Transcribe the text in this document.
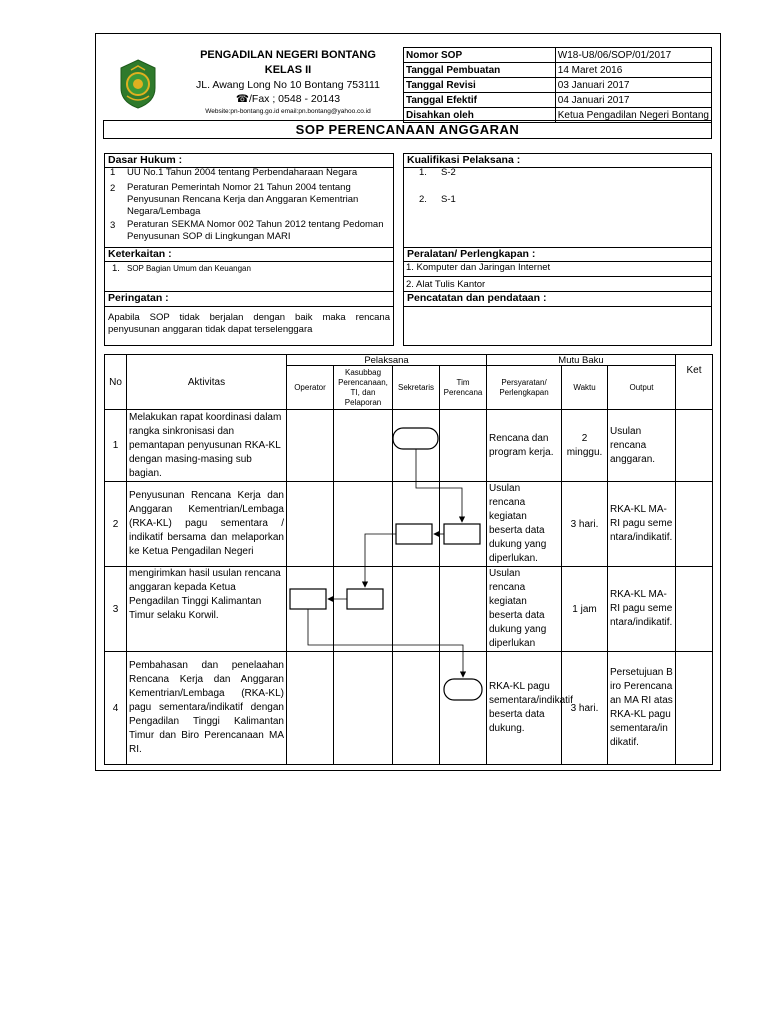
PENGADILAN NEGERI BONTANG
KELAS II
JL. Awang Long No 10 Bontang 753111
☎/Fax ; 0548 - 20143
Website:pn-bontang.go.id email:pn.bontang@yahoo.co.id
Nomor SOP	W18-U8/06/SOP/01/2017
Tanggal Pembuatan	14 Maret 2016
Tanggal Revisi	03 Januari 2017
Tanggal Efektif	04 Januari 2017
Disahkan oleh	Ketua Pengadilan Negeri Bontang
SOP PERENCANAAN ANGGARAN
Dasar Hukum :
1	UU No.1 Tahun 2004 tentang Perbendaharaan Negara
2	Peraturan Pemerintah Nomor 21 Tahun 2004 tentang Penyusunan Rencana Kerja dan Anggaran Kementrian Negara/Lembaga
3	Peraturan SEKMA Nomor 002 Tahun 2012 tentang Pedoman Penyusunan SOP di Lingkungan MARI
Keterkaitan :
1. SOP Bagian Umum dan Keuangan
Peringatan :
Apabila SOP tidak berjalan dengan baik maka rencana penyusunan anggaran tidak dapat terselenggara
Kualifikasi Pelaksana :
1. S-2
2. S-1
Peralatan/ Perlengkapan :
1. Komputer dan Jaringan Internet
2. Alat Tulis Kantor
Pencatatan dan pendataan :
No	Aktivitas	Pelaksana				Mutu Baku			Ket
		Operator	Kasubbag Perencanaan, TI, dan Pelaporan	Sekretaris	Tim Perencana	Persyaratan/ Perlengkapan	Waktu	Output	
1	Melakukan rapat koordinasi dalam rangka sinkronisasi dan pemantapan penyusunan RKA-KL dengan masing-masing sub bagian.					Rencana dan program kerja.	2 minggu.	Usulan rencana anggaran.	
2	Penyusunan Rencana Kerja dan Anggaran Kementrian/Lembaga (RKA-KL) pagu sementara / indikatif bersama dan melaporkan ke Ketua Pengadilan Negeri					Usulan rencana kegiatan beserta data dukung yang diperlukan.	3 hari.	RKA-KL MA-RI pagu sementara/indikatif.	
3	mengirimkan hasil usulan rencana anggaran kepada Ketua Pengadilan Tinggi Kalimantan Timur selaku Korwil.					Usulan rencana kegiatan beserta data dukung yang diperlukan	1 jam	RKA-KL MA-RI pagu sementara/indikatif.	
4	Pembahasan dan penelaahan Rencana Kerja dan Anggaran Kementrian/Lembaga (RKA-KL) pagu sementara/indikatif dengan Pengadilan Tinggi Kalimantan Timur dan Biro Perencanaan MA RI.					RKA-KL pagu sementara/indikatif beserta data dukung.	3 hari.	Persetujuan Biro Perencanaan MA RI atas RKA-KL pagu sementara/indikatif.	
